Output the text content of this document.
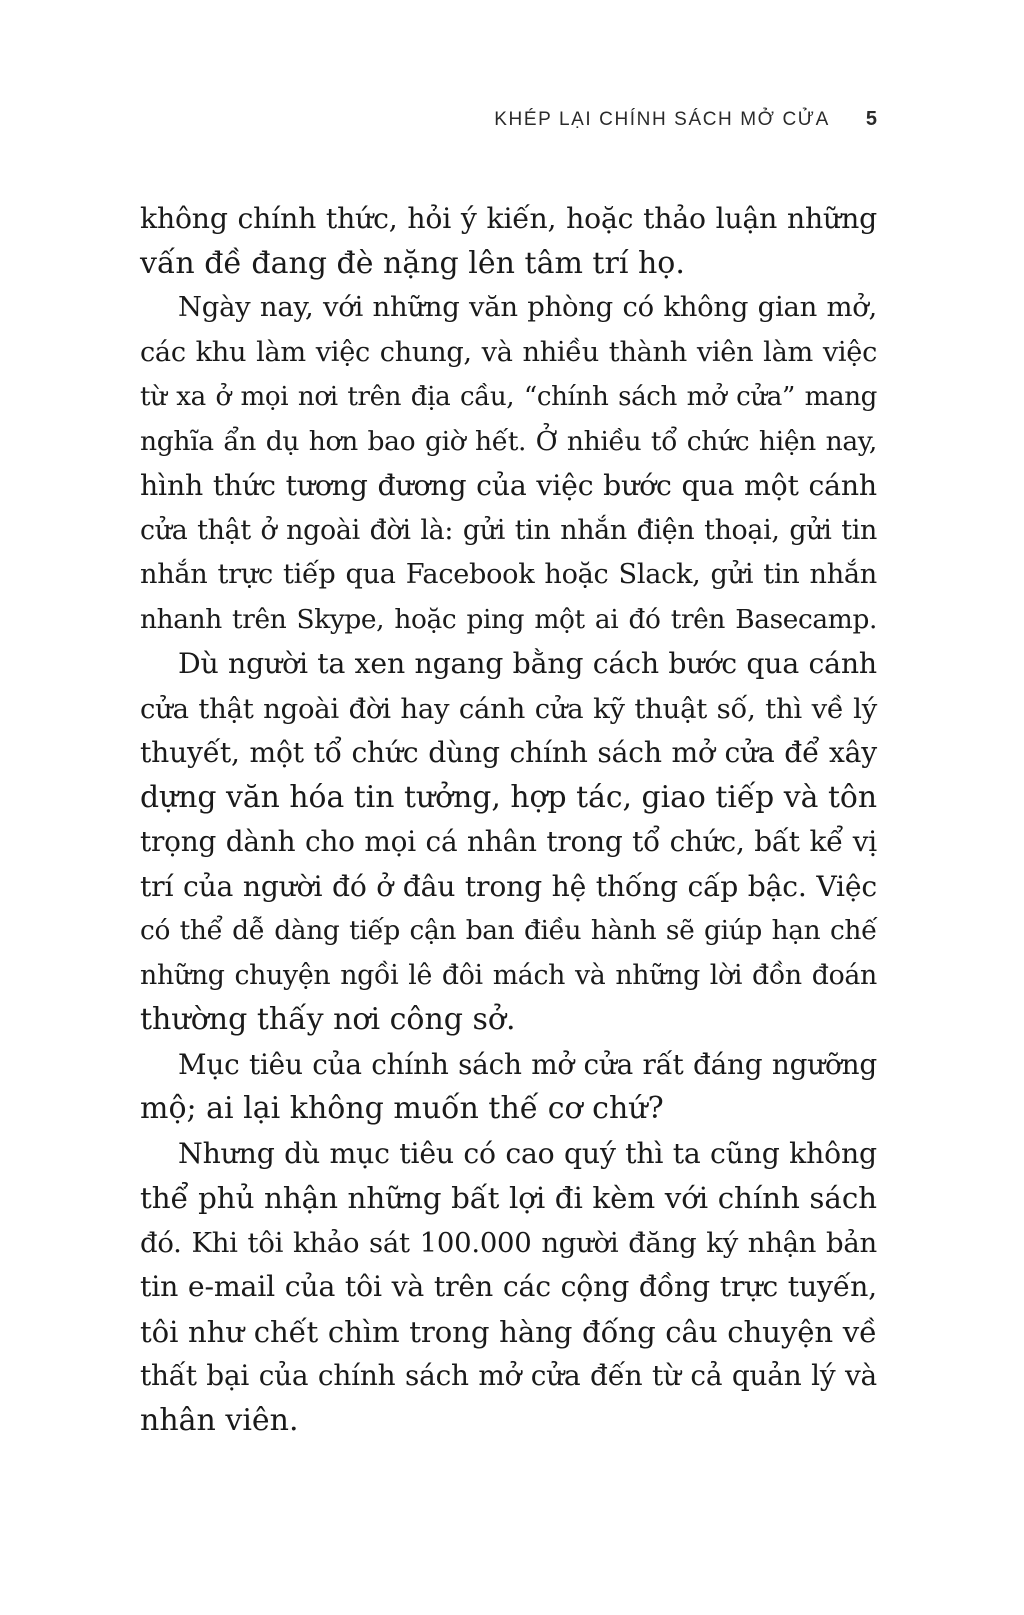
KHÉP LẠI CHÍNH SÁCH MỞ CỬA 5

không chính thức, hỏi ý kiến, hoặc thảo luận những
vấn đề đang đè nặng lên tâm trí họ.

Ngày nay, với những văn phòng có không gian mở,
các khu làm việc chung, và nhiều thành viên làm việc
từ xa ở mọi nơi trên địa cầu, “chính sách mở cửa” mang
nghĩa ẩn dụ hơn bao giờ hết. Ở nhiều tổ chức hiện nay,
hình thức tương đương của việc bước qua một cánh
cửa thật ở ngoài đời là: gửi tin nhắn điện thoại, gửi tin
nhắn trực tiếp qua Facebook hoặc Slack, gửi tin nhắn
nhanh trên Skype, hoặc ping một ai đó trên Basecamp.

Dù người ta xen ngang bằng cách bước qua cánh
cửa thật ngoài đời hay cánh cửa kỹ thuật số, thì về lý
thuyết, một tổ chức dùng chính sách mở cửa để xây
dựng văn hóa tin tưởng, hợp tác, giao tiếp và tôn
trọng dành cho mọi cá nhân trong tổ chức, bất kể vị
trí của người đó ở đâu trong hệ thống cấp bậc. Việc
có thể dễ dàng tiếp cận ban điều hành sẽ giúp hạn chế
những chuyện ngồi lê đôi mách và những lời đồn đoán
thường thấy nơi công sở.

Mục tiêu của chính sách mở cửa rất đáng ngưỡng
mộ; ai lại không muốn thế cơ chứ?

Nhưng dù mục tiêu có cao quý thì ta cũng không
thể phủ nhận những bất lợi đi kèm với chính sách
đó. Khi tôi khảo sát 100.000 người đăng ký nhận bản
tin e-mail của tôi và trên các cộng đồng trực tuyến,
tôi như chết chìm trong hàng đống câu chuyện về
thất bại của chính sách mở cửa đến từ cả quản lý và
nhân viên.
